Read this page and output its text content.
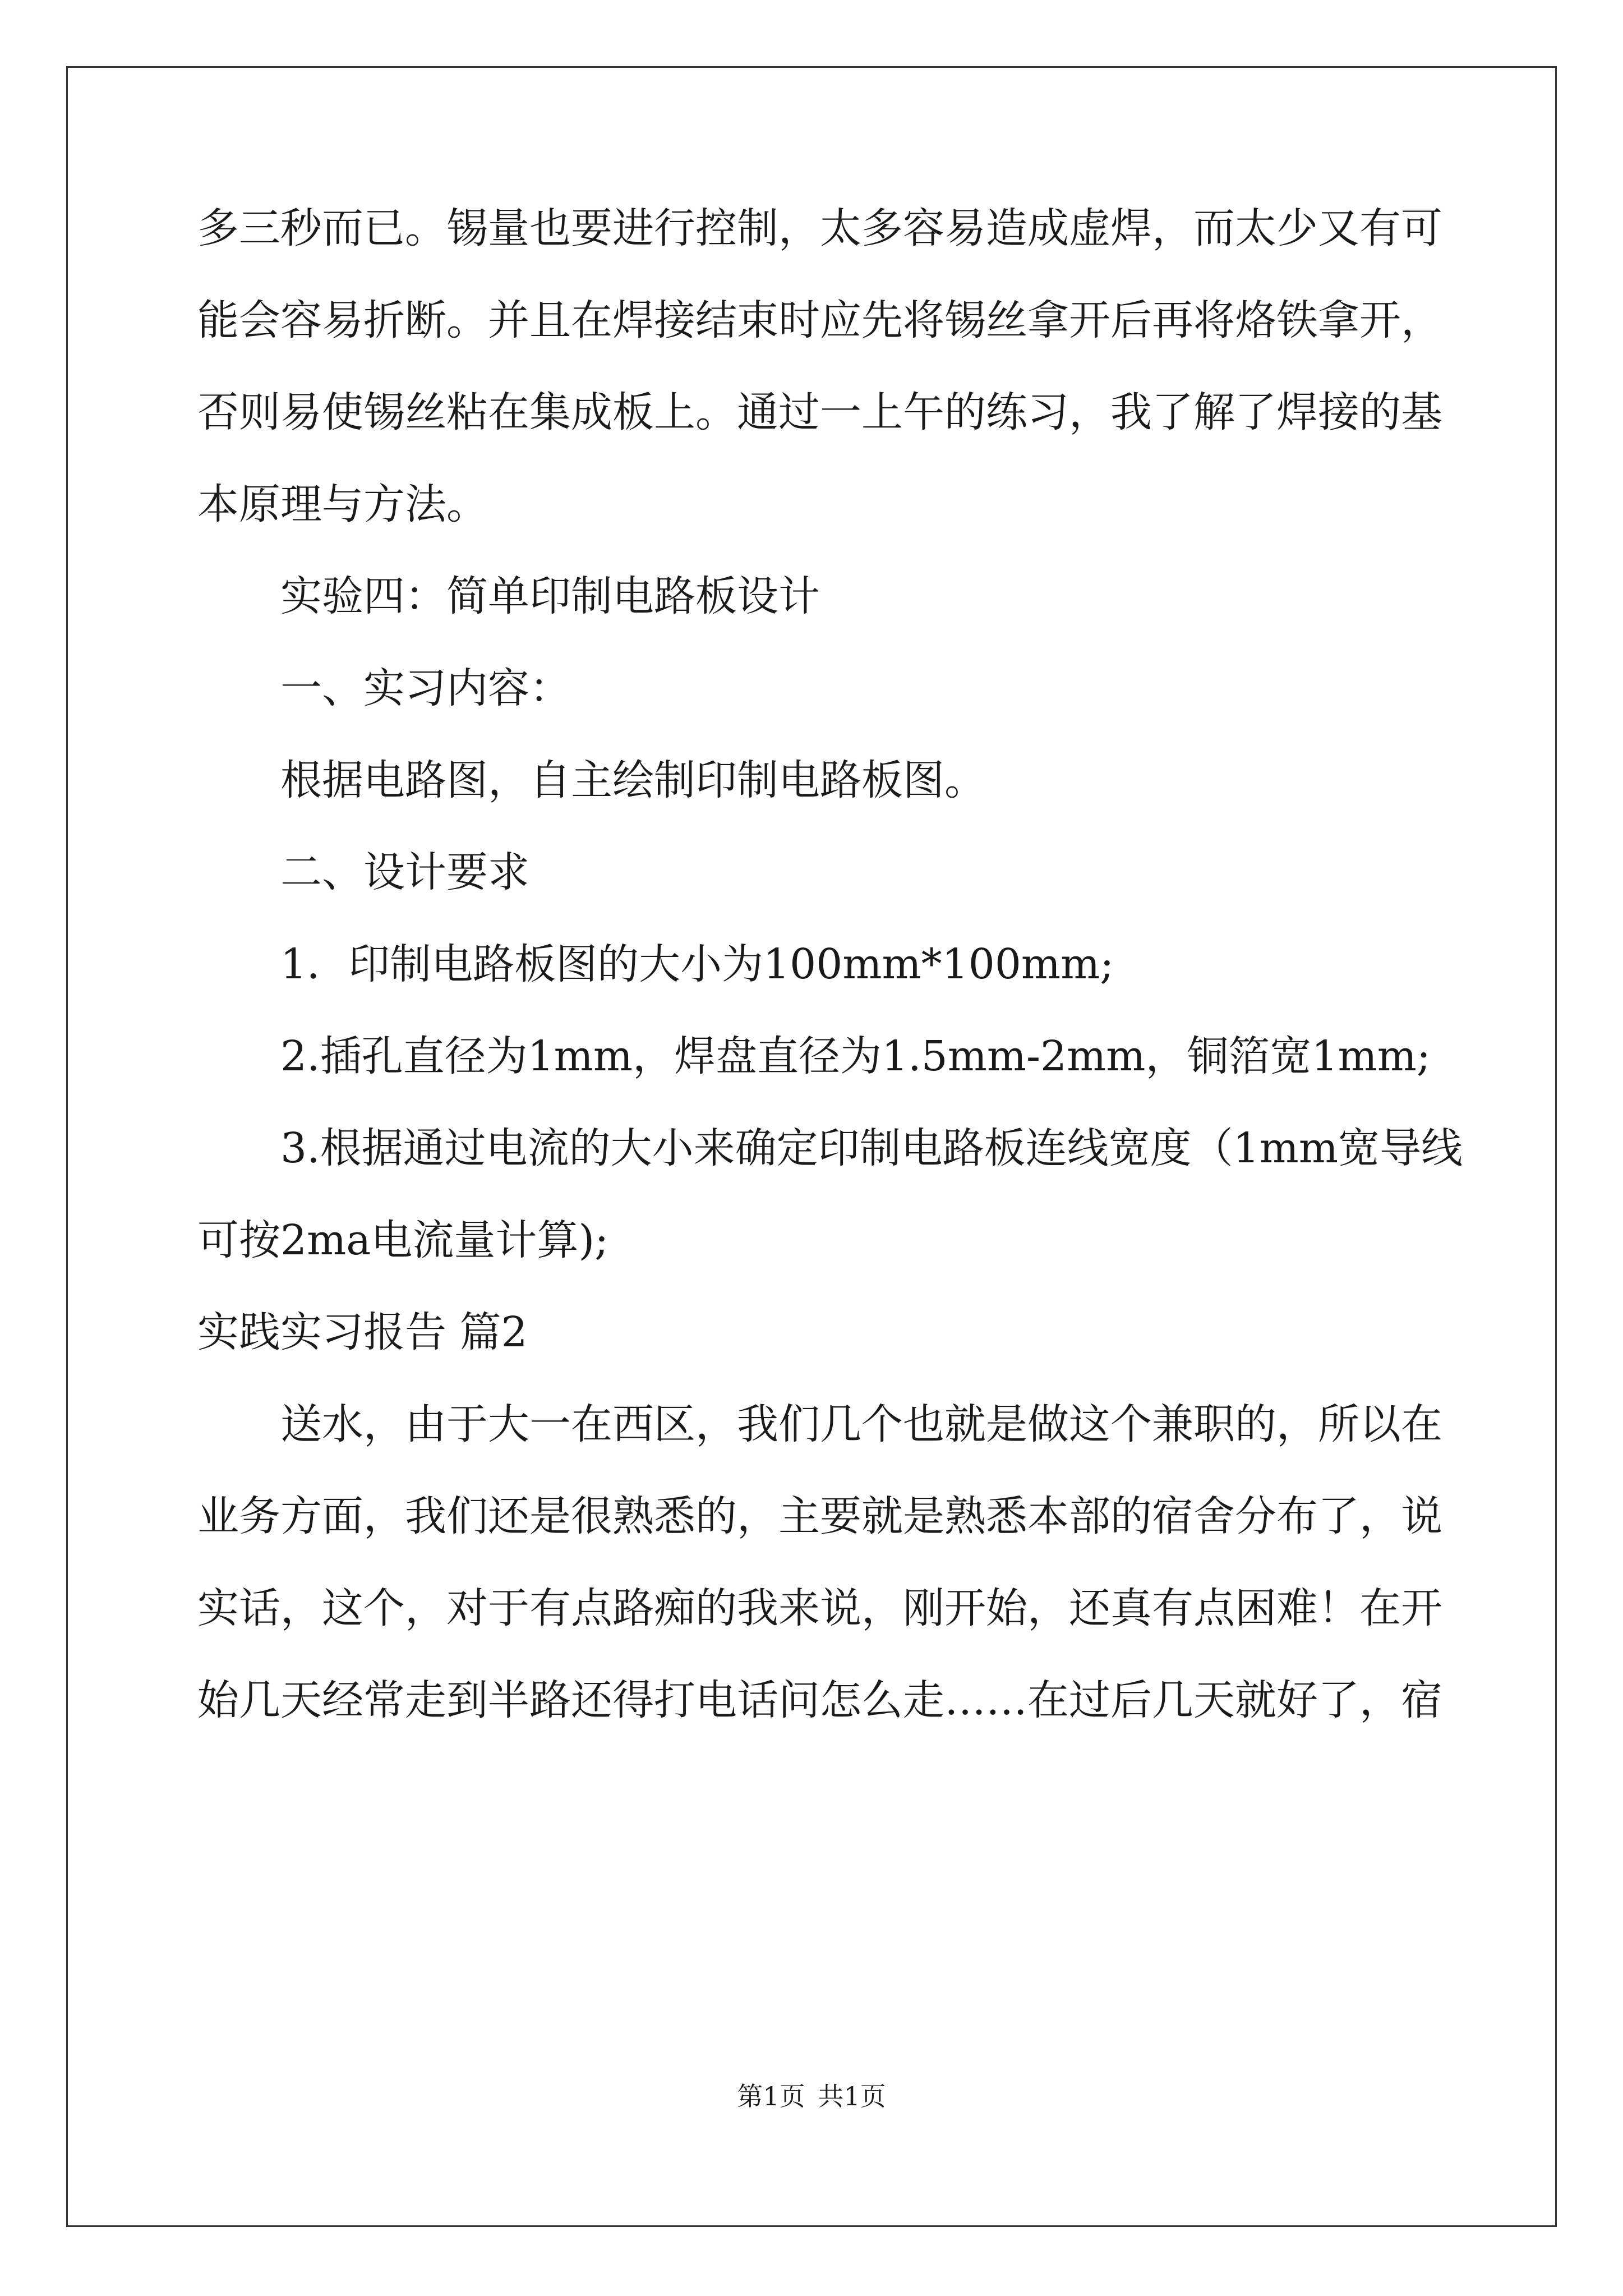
多三秒而已。锡量也要进行控制，太多容易造成虚焊，而太少又有可
能会容易折断。并且在焊接结束时应先将锡丝拿开后再将烙铁拿开，
否则易使锡丝粘在集成板上。通过一上午的练习，我了解了焊接的基
本原理与方法。
实验四：简单印制电路板设计
一、实习内容：
根据电路图，自主绘制印制电路板图。
二、设计要求
1．印制电路板图的大小为100mm*100mm;
2.插孔直径为1mm，焊盘直径为1.5mm-2mm，铜箔宽1mm;
3.根据通过电流的大小来确定印制电路板连线宽度（1mm宽导线
可按2ma电流量计算);
实践实习报告 篇2
送水，由于大一在西区，我们几个也就是做这个兼职的，所以在
业务方面，我们还是很熟悉的，主要就是熟悉本部的宿舍分布了，说
实话，这个，对于有点路痴的我来说，刚开始，还真有点困难！在开
始几天经常走到半路还得打电话问怎么走……在过后几天就好了，宿
第1页 共1页
